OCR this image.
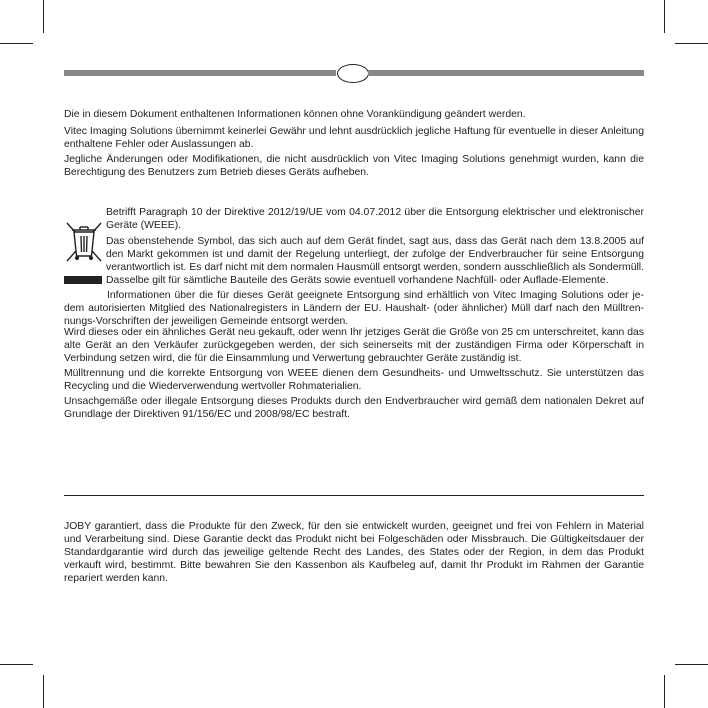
Die in diesem Dokument enthaltenen Informationen können ohne Vorankündigung geändert werden.

Vitec Imaging Solutions übernimmt keinerlei Gewähr und lehnt ausdrücklich jegliche Haftung für eventuelle in dieser Anleitung enthaltene Fehler oder Auslassungen ab.

Jegliche Änderungen oder Modifikationen, die nicht ausdrücklich von Vitec Imaging Solutions genehmigt wurden, kann die Berechtigung des Benutzers zum Betrieb dieses Geräts aufheben.

Betrifft Paragraph 10 der Direktive 2012/19/UE vom 04.07.2012 über die Entsorgung elektrischer und elektronischer Geräte (WEEE).

Das obenstehende Symbol, das sich auch auf dem Gerät findet, sagt aus, dass das Gerät nach dem 13.8.2005 auf den Markt gekommen ist und damit der Regelung unterliegt, der zufolge der Endverbraucher für seine Entsorgung verantwortlich ist. Es darf nicht mit dem normalen Hausmüll entsorgt werden, sondern ausschließlich als Sondermüll. Dasselbe gilt für sämtliche Bauteile des Geräts sowie eventuell vorhandene Nachfüll- oder Auflade-Elemente.

Informationen über die für dieses Gerät geeignete Entsorgung sind erhältlich von Vitec Imaging Solutions oder je-dem autorisierten Mitglied des Nationalregisters in Ländern der EU. Haushalt- (oder ähnlicher) Müll darf nach den Mülltren-nungs-Vorschriften der jeweiligen Gemeinde entsorgt werden.

Wird dieses oder ein ähnliches Gerät neu gekauft, oder wenn Ihr jetziges Gerät die Größe von 25 cm unterschreitet, kann das alte Gerät an den Verkäufer zurückgegeben werden, der sich seinerseits mit der zuständigen Firma oder Körperschaft in Verbindung setzen wird, die für die Einsammlung und Verwertung gebrauchter Geräte zuständig ist.

Mülltrennung und die korrekte Entsorgung von WEEE dienen dem Gesundheits- und Umweltsschutz. Sie unterstützen das Recycling und die Wiederverwendung wertvoller Rohmaterialien.

Unsachgemäße oder illegale Entsorgung dieses Produkts durch den Endverbraucher wird gemäß dem nationalen Dekret auf Grundlage der Direktiven 91/156/EC und 2008/98/EC bestraft.

JOBY garantiert, dass die Produkte für den Zweck, für den sie entwickelt wurden, geeignet und frei von Fehlern in Material und Verarbeitung sind. Diese Garantie deckt das Produkt nicht bei Folgeschäden oder Missbrauch. Die Gültigkeitsdauer der Standardgarantie wird durch das jeweilige geltende Recht des Landes, des States oder der Region, in dem das Produkt verkauft wird, bestimmt. Bitte bewahren Sie den Kassenbon als Kaufbeleg auf, damit Ihr Produkt im Rahmen der Garantie repariert werden kann.
